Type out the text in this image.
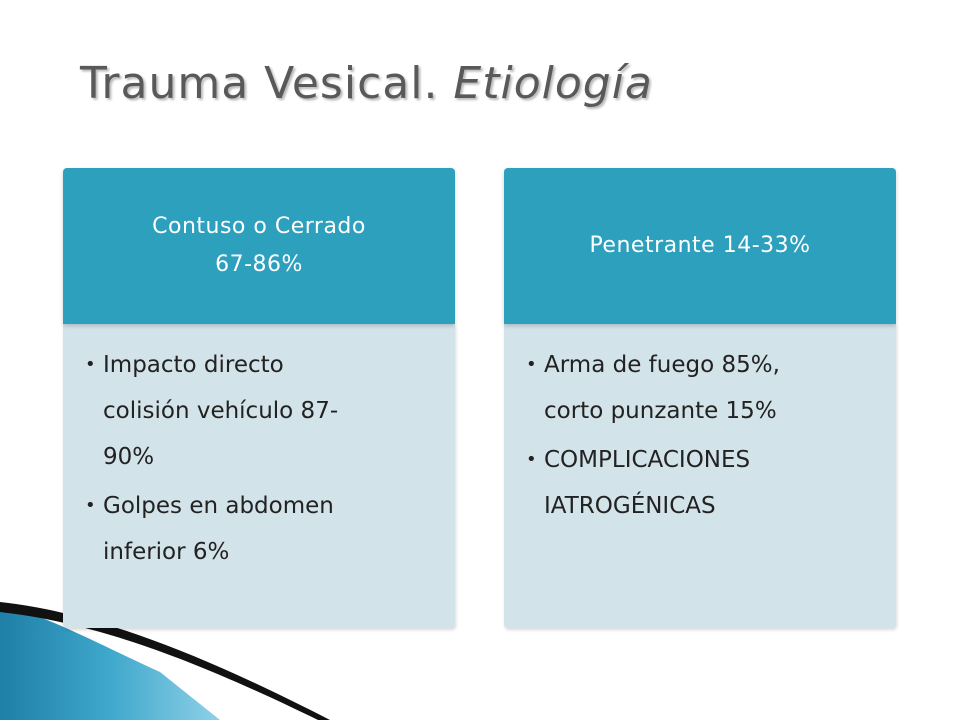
Trauma Vesical. Etiología
Contuso o Cerrado
67-86%
• Impacto directo
colisión vehículo 87-
90%
• Golpes en abdomen
inferior 6%
Penetrante 14-33%
• Arma de fuego 85%,
corto punzante 15%
• COMPLICACIONES
IATROGÉNICAS
